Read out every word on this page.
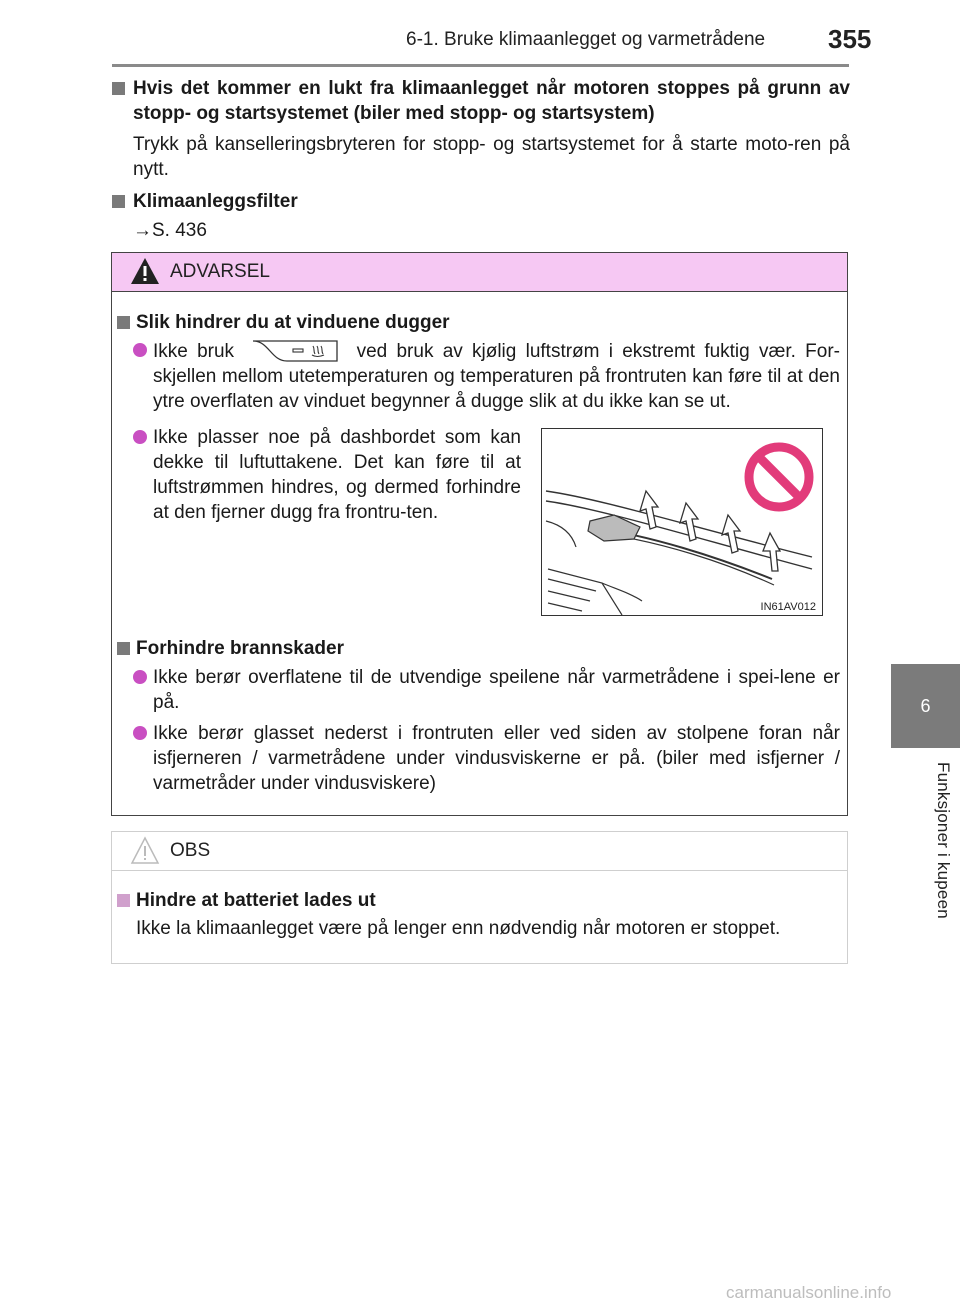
6-1. Bruke klimaanlegget og varmetrådene 355
6
Funksjoner i kupeen
Hvis det kommer en lukt fra klimaanlegget når motoren stoppes på grunn av stopp- og startsystemet (biler med stopp- og startsystem)
Trykk på kanselleringsbryteren for stopp- og startsystemet for å starte moto-ren på nytt.
Klimaanleggsfilter
→S. 436
ADVARSEL
Slik hindrer du at vinduene dugger
Ikke bruk	ved bruk av kjølig luftstrøm i ekstremt fuktig vær. For-skjellen mellom utetemperaturen og temperaturen på frontruten kan føre til at den ytre overflaten av vinduet begynner å dugge slik at du ikke kan se ut.
Ikke plasser noe på dashbordet som kan dekke til luftuttakene. Det kan føre til at luftstrømmen hindres, og dermed forhindre at den fjerner dugg fra frontru-ten.
Forhindre brannskader
Ikke berør overflatene til de utvendige speilene når varmetrådene i spei-lene er på.
Ikke berør glasset nederst i frontruten eller ved siden av stolpene foran når isfjerneren / varmetrådene under vindusviskerne er på. (biler med isfjerner / varmetråder under vindusviskere)
IN61AV012
OBS
Hindre at batteriet lades ut
Ikke la klimaanlegget være på lenger enn nødvendig når motoren er stoppet.
carmanualsonline.info
